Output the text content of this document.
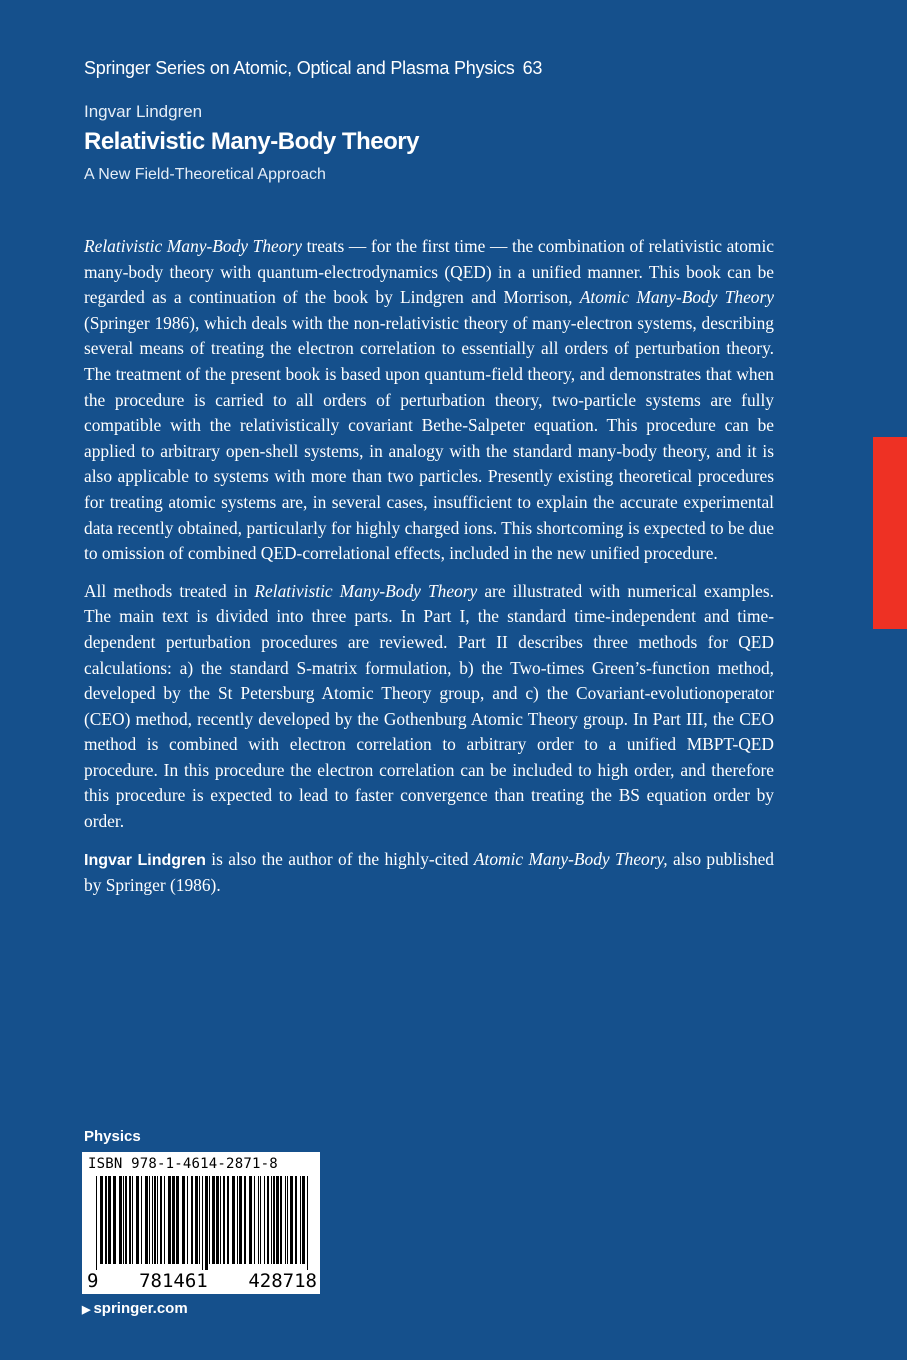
Springer Series on Atomic, Optical and Plasma Physics 63
Ingvar Lindgren
Relativistic Many-Body Theory
A New Field-Theoretical Approach

Relativistic Many-Body Theory treats — for the first time — the combination of relativistic atomic many-body theory with quantum-electrodynamics (QED) in a unified manner. This book can be regarded as a continuation of the book by Lindgren and Morrison, Atomic Many-Body Theory (Springer 1986), which deals with the non-relativistic theory of many-electron systems, describing several means of treating the electron correlation to essentially all orders of perturbation theory. The treatment of the present book is based upon quantum-field theory, and demonstrates that when the procedure is carried to all orders of perturbation theory, two-particle systems are fully compatible with the relativistically covariant Bethe-Salpeter equation. This procedure can be applied to arbitrary open-shell systems, in analogy with the standard many-body theory, and it is also applicable to systems with more than two particles. Presently existing theoretical procedures for treating atomic systems are, in several cases, insufficient to explain the accurate experimental data recently obtained, particularly for highly charged ions. This shortcoming is expected to be due to omission of combined QED-correlational effects, included in the new unified procedure.

All methods treated in Relativistic Many-Body Theory are illustrated with numerical examples. The main text is divided into three parts. In Part I, the standard time-independent and time-dependent perturbation procedures are reviewed. Part II describes three methods for QED calculations: a) the standard S-matrix formulation, b) the Two-times Green’s-function method, developed by the St Petersburg Atomic Theory group, and c) the Covariant-evolutionoperator (CEO) method, recently developed by the Gothenburg Atomic Theory group. In Part III, the CEO method is combined with electron correlation to arbitrary order to a unified MBPT-QED procedure. In this procedure the electron correlation can be included to high order, and therefore this procedure is expected to lead to faster convergence than treating the BS equation order by order.

Ingvar Lindgren is also the author of the highly-cited Atomic Many-Body Theory, also published by Springer (1986).

Physics
ISBN 978-1-4614-2871-8
9 781461 428718
▶ springer.com
